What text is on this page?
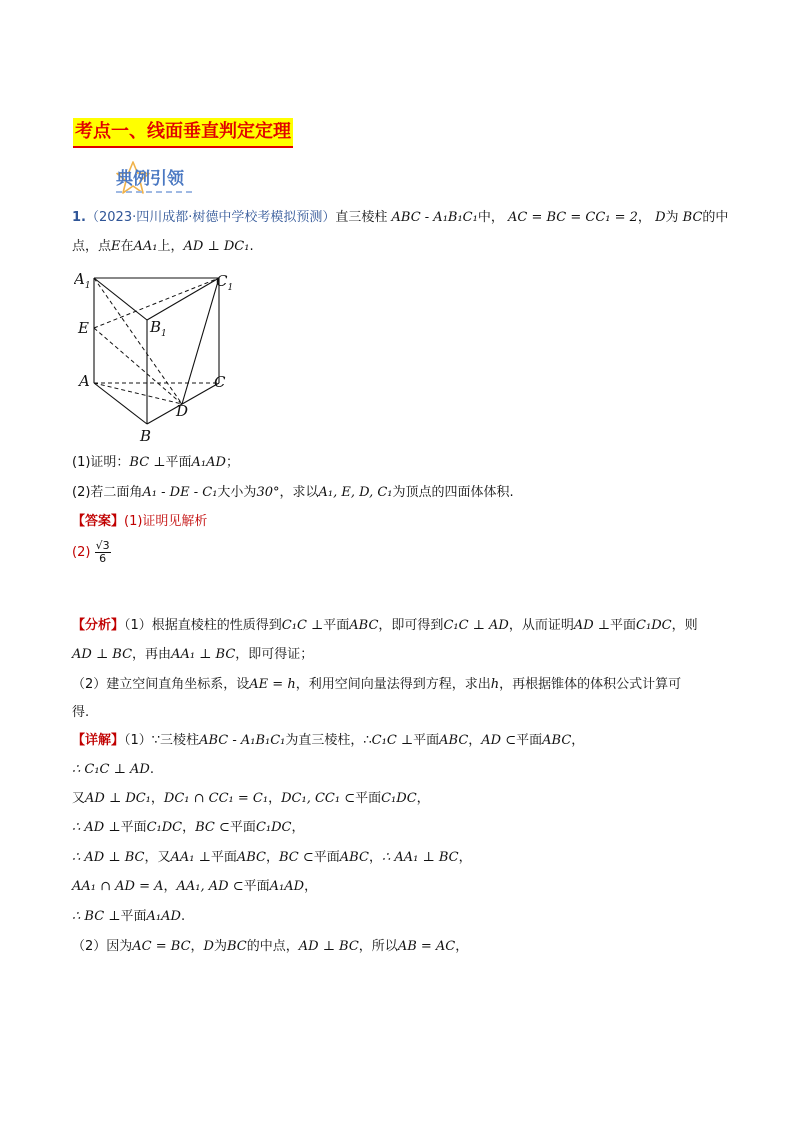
考点一、线面垂直判定定理
典例引领
1.（2023·四川成都·树德中学校考模拟预测）直三棱柱 ABC - A₁B₁C₁中， AC = BC = CC₁ = 2， D为 BC的中
点，点E在AA₁上，AD ⊥ DC₁.
$A_1$	$C_1$
E	$B_1$
A	C
D
B
(1)证明：BC ⊥平面A₁AD；
(2)若二面角A₁ - DE - C₁大小为30°，求以A₁, E, D, C₁为顶点的四面体体积.
【答案】(1)证明见解析
$(2) \frac{√3}{6}$
【分析】（1）根据直棱柱的性质得到C₁C ⊥平面ABC，即可得到C₁C ⊥ AD，从而证明AD ⊥平面C₁DC，则
AD ⊥ BC，再由AA₁ ⊥ BC，即可得证；
（2）建立空间直角坐标系，设AE = h，利用空间向量法得到方程，求出h，再根据锥体的体积公式计算可
得.
【详解】（1）∵三棱柱ABC - A₁B₁C₁为直三棱柱，∴C₁C ⊥平面ABC，AD ⊂平面ABC，
∴ C₁C ⊥ AD.
又AD ⊥ DC₁，DC₁ ∩ CC₁ = C₁，DC₁, CC₁ ⊂平面C₁DC，
∴ AD ⊥平面C₁DC，BC ⊂平面C₁DC，
∴ AD ⊥ BC，又AA₁ ⊥平面ABC，BC ⊂平面ABC，∴ AA₁ ⊥ BC，
AA₁ ∩ AD = A，AA₁, AD ⊂平面A₁AD，
∴ BC ⊥平面A₁AD.
（2）因为AC = BC，D为BC的中点，AD ⊥ BC，所以AB = AC，
